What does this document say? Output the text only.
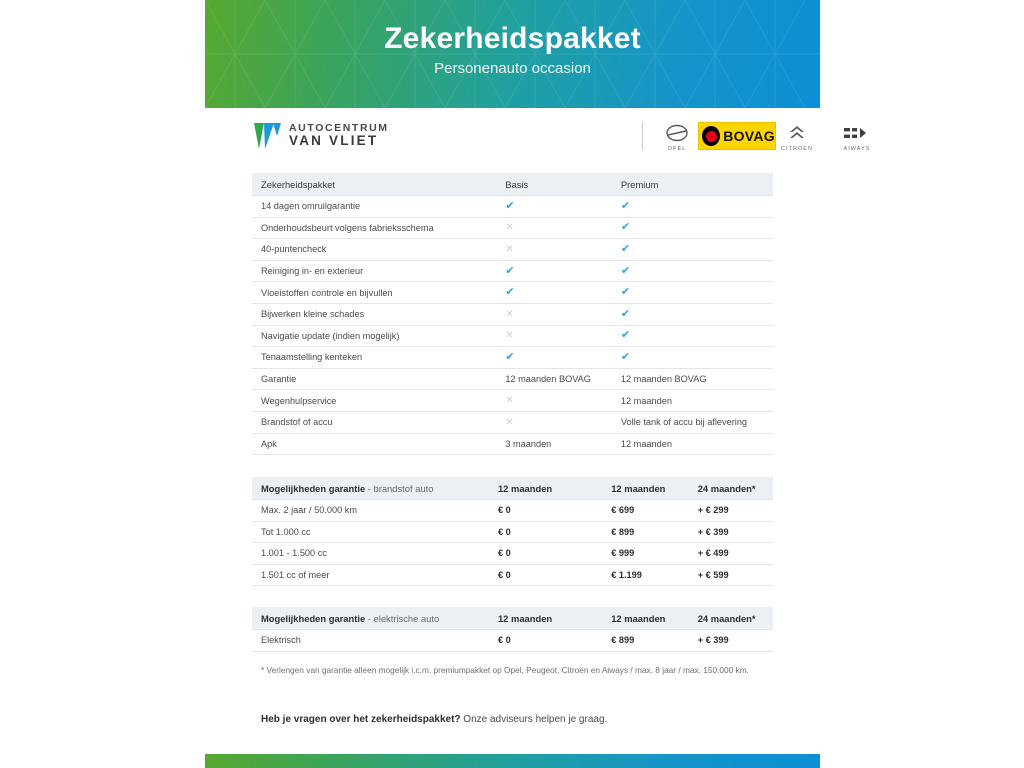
Zekerheidspakket
Personenauto occasion
AUTOCENTRUM
VAN VLIET
OPEL	CITROËN	AIWAYS
BOVAG
Zekerheidspakket	Basis	Premium
14 dagen omruilgarantie	✔	✔
Onderhoudsbeurt volgens fabrieksschema	✕	✔
40-puntencheck	✕	✔
Reiniging in- en exterieur	✔	✔
Vloeistoffen controle en bijvullen	✔	✔
Bijwerken kleine schades	✕	✔
Navigatie update (indien mogelijk)	✕	✔
Tenaamstelling kenteken	✔	✔
Garantie	12 maanden BOVAG	12 maanden BOVAG
Wegenhulpservice	✕	12 maanden
Brandstof of accu	✕	Volle tank of accu bij aflevering
Apk	3 maanden	12 maanden
Mogelijkheden garantie - brandstof auto	12 maanden	12 maanden	24 maanden*
Max. 2 jaar / 50.000 km	€ 0	€ 699	+ € 299
Tot 1.000 cc	€ 0	€ 899	+ € 399
1.001 - 1.500 cc	€ 0	€ 999	+ € 499
1.501 cc of meer	€ 0	€ 1.199	+ € 599
Mogelijkheden garantie - elektrische auto	12 maanden	12 maanden	24 maanden*
Elektrisch	€ 0	€ 899	+ € 399
* Verlengen van garantie alleen mogelijk i.c.m. premiumpakket op Opel, Peugeot, Citroën en Aiways / max. 8 jaar / max. 150.000 km.
Heb je vragen over het zekerheidspakket? Onze adviseurs helpen je graag.
